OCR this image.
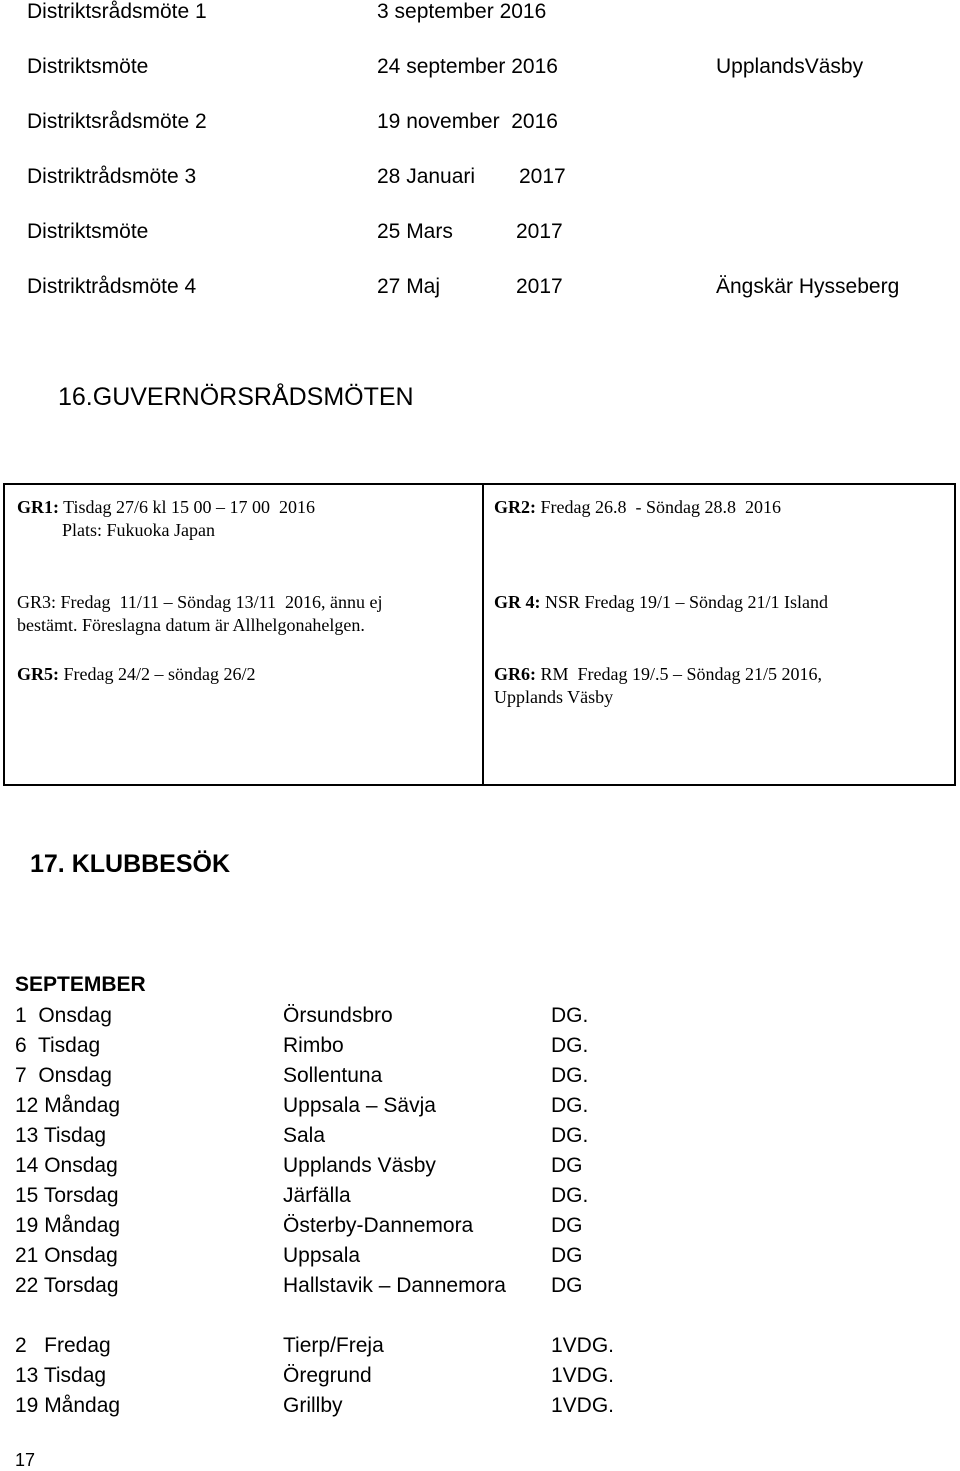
Distriktsrådsmöte 1	3 september 2016
Distriktsmöte	24 september 2016	UpplandsVäsby
Distriktsrådsmöte 2	19 november  2016
Distriktrådsmöte 3	28 Januari 2017
Distriktsmöte	25 Mars	2017
Distriktrådsmöte 4	27 Maj	2017	Ängskär Hysseberg
16.GUVERNÖRSRÅDSMÖTEN
GR1: Tisdag 27/6 kl 15 00 – 17 00  2016
Plats: Fukuoka Japan
GR2: Fredag 26.8  - Söndag 28.8  2016
GR3: Fredag  11/11 – Söndag 13/11  2016, ännu ej
bestämt. Föreslagna datum är Allhelgonahelgen.
GR 4: NSR Fredag 19/1 – Söndag 21/1 Island
GR5: Fredag 24/2 – söndag 26/2	GR6: RM  Fredag 19/.5 – Söndag 21/5 2016,
Upplands Väsby
17. KLUBBESÖK
SEPTEMBER
1  Onsdag	Örsundsbro	DG.
6  Tisdag	Rimbo	DG.
7  Onsdag	Sollentuna	DG.
12 Måndag	Uppsala – Sävja	DG.
13 Tisdag	Sala	DG.
14 Onsdag	Upplands Väsby	DG
15 Torsdag	Järfälla	DG.
19 Måndag	Österby-Dannemora	DG
21 Onsdag	Uppsala	DG
22 Torsdag	Hallstavik – Dannemora DG
2   Fredag	Tierp/Freja	1VDG.
13 Tisdag	Öregrund	1VDG.
19 Måndag	Grillby	1VDG.
17
